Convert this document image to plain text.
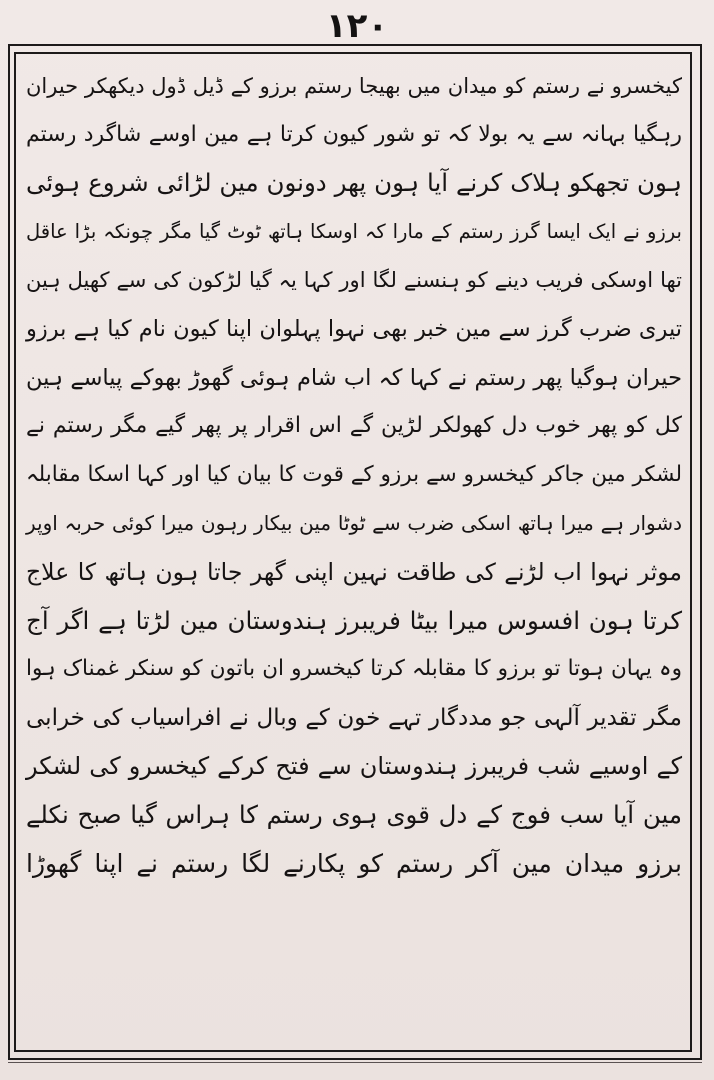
۱۲۰
کیخسرو نے رستم کو میدان میں بھیجا رستم برزو کے ڈیل ڈول دیکھکر حیران
رہگیا بہانہ سے یہ بولا کہ تو شور کیون کرتا ہے مین اوسے شاگرد رستم
ہون تجھکو ہلاک کرنے آیا ہون پھر دونون مین لڑائی شروع ہوئی
برزو نے ایک ایسا گرز رستم کے مارا کہ اوسکا ہاتھ ٹوٹ گیا مگر چونکہ بڑا عاقل
تھا اوسکی فریب دینے کو ہنسنے لگا اور کہا یہ گیا لڑکون کی سے کھیل ہین
تیری ضرب گرز سے مین خبر بھی نہوا پہلوان اپنا کیون نام کیا ہے برزو
حیران ہوگیا پھر رستم نے کہا کہ اب شام ہوئی گھوڑ بھوکے پیاسے ہین
کل کو پھر خوب دل کھولکر لڑین گے اس اقرار پر پھر گیے مگر رستم نے
لشکر مین جاکر کیخسرو سے برزو کے قوت کا بیان کیا اور کہا اسکا مقابلہ
دشوار ہے میرا ہاتھ اسکی ضرب سے ٹوٹا مین بیکار رہون میرا کوئی حربہ اوپر
موثر نہوا اب لڑنے کی طاقت نہین اپنی گھر جاتا ہون ہاتھ کا علاج
کرتا ہون افسوس میرا بیٹا فریبرز ہندوستان مین لڑتا ہے اگر آج
وہ یہان ہوتا تو برزو کا مقابلہ کرتا کیخسرو ان باتون کو سنکر غمناک ہوا
مگر تقدیر آلہی جو مددگار تہے خون کے وبال نے افراسیاب کی خرابی
کے اوسیے شب فریبرز ہندوستان سے فتح کرکے کیخسرو کی لشکر
مین آیا سب فوج کے دل قوی ہوی رستم کا ہراس گیا صبح نکلے
برزو میدان مین آکر رستم کو پکارنے لگا رستم نے اپنا گھوڑا
